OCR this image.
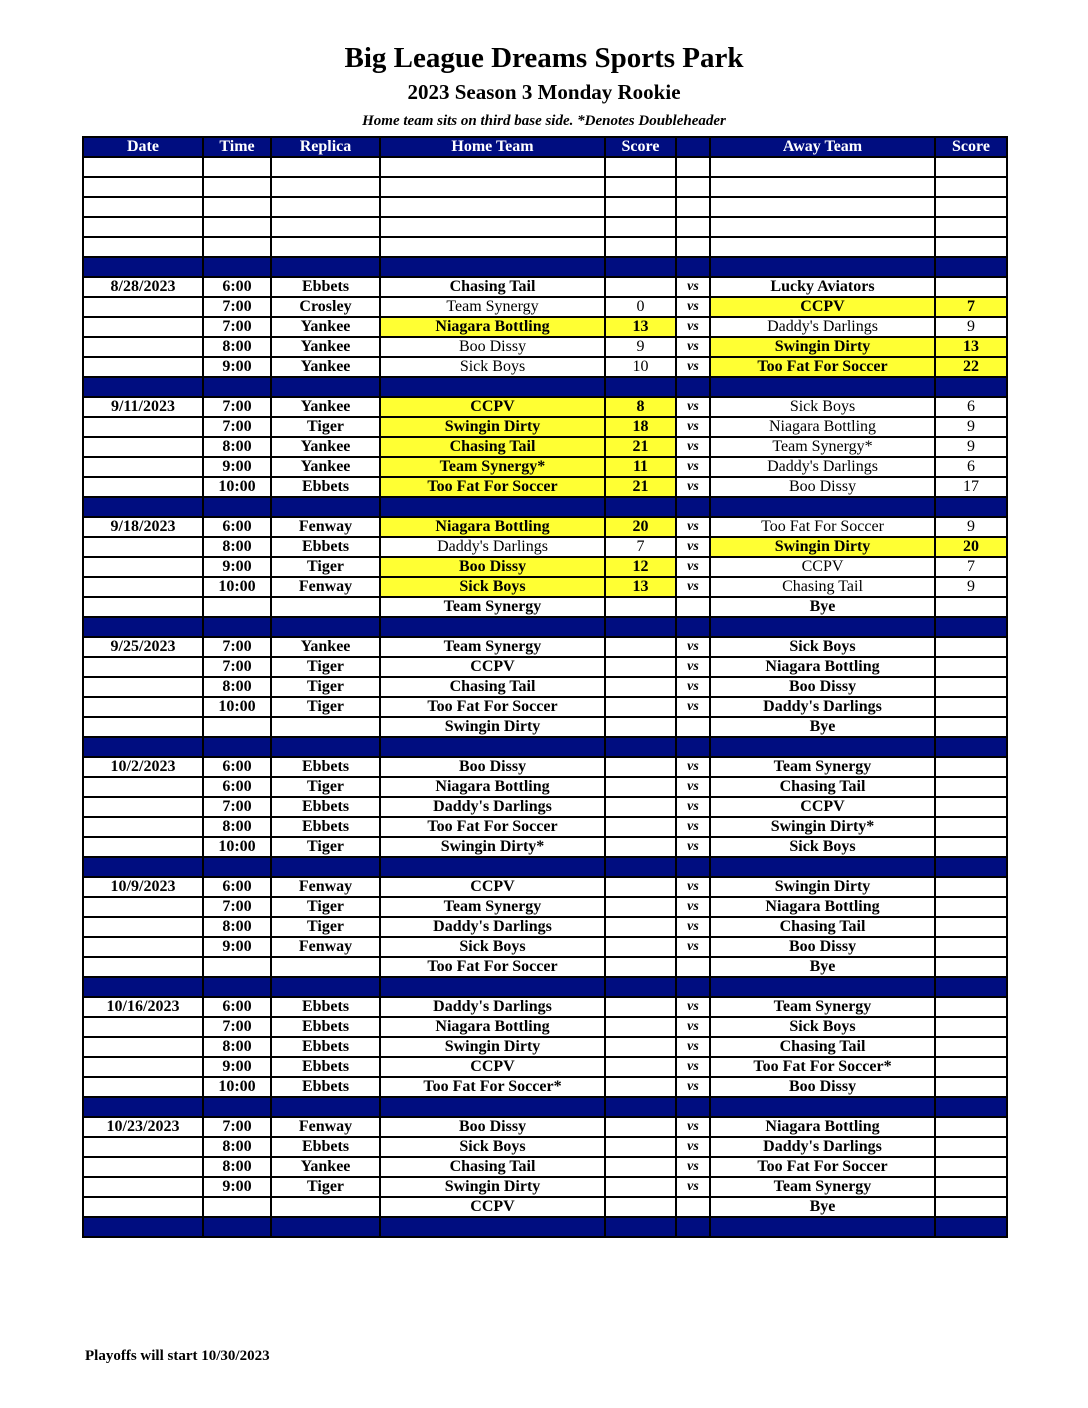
Big League Dreams Sports Park
2023 Season 3 Monday Rookie
Home team sits on third base side. *Denotes Doubleheader
Date	Time	Replica	Home Team	Score		Away Team	Score

8/28/2023	6:00	Ebbets	Chasing Tail		vs	Lucky Aviators	
	7:00	Crosley	Team Synergy	0	vs	CCPV	7
	7:00	Yankee	Niagara Bottling	13	vs	Daddy's Darlings	9
	8:00	Yankee	Boo Dissy	9	vs	Swingin Dirty	13
	9:00	Yankee	Sick Boys	10	vs	Too Fat For Soccer	22

9/11/2023	7:00	Yankee	CCPV	8	vs	Sick Boys	6
	7:00	Tiger	Swingin Dirty	18	vs	Niagara Bottling	9
	8:00	Yankee	Chasing Tail	21	vs	Team Synergy*	9
	9:00	Yankee	Team Synergy*	11	vs	Daddy's Darlings	6
	10:00	Ebbets	Too Fat For Soccer	21	vs	Boo Dissy	17

9/18/2023	6:00	Fenway	Niagara Bottling	20	vs	Too Fat For Soccer	9
	8:00	Ebbets	Daddy's Darlings	7	vs	Swingin Dirty	20
	9:00	Tiger	Boo Dissy	12	vs	CCPV	7
	10:00	Fenway	Sick Boys	13	vs	Chasing Tail	9
			Team Synergy			Bye	

9/25/2023	7:00	Yankee	Team Synergy		vs	Sick Boys	
	7:00	Tiger	CCPV		vs	Niagara Bottling	
	8:00	Tiger	Chasing Tail		vs	Boo Dissy	
	10:00	Tiger	Too Fat For Soccer		vs	Daddy's Darlings	
			Swingin Dirty			Bye	

10/2/2023	6:00	Ebbets	Boo Dissy		vs	Team Synergy	
	6:00	Tiger	Niagara Bottling		vs	Chasing Tail	
	7:00	Ebbets	Daddy's Darlings		vs	CCPV	
	8:00	Ebbets	Too Fat For Soccer		vs	Swingin Dirty*	
	10:00	Tiger	Swingin Dirty*		vs	Sick Boys	

10/9/2023	6:00	Fenway	CCPV		vs	Swingin Dirty	
	7:00	Tiger	Team Synergy		vs	Niagara Bottling	
	8:00	Tiger	Daddy's Darlings		vs	Chasing Tail	
	9:00	Fenway	Sick Boys		vs	Boo Dissy	
			Too Fat For Soccer			Bye	

10/16/2023	6:00	Ebbets	Daddy's Darlings		vs	Team Synergy	
	7:00	Ebbets	Niagara Bottling		vs	Sick Boys	
	8:00	Ebbets	Swingin Dirty		vs	Chasing Tail	
	9:00	Ebbets	CCPV		vs	Too Fat For Soccer*	
	10:00	Ebbets	Too Fat For Soccer*		vs	Boo Dissy	

10/23/2023	7:00	Fenway	Boo Dissy		vs	Niagara Bottling	
	8:00	Ebbets	Sick Boys		vs	Daddy's Darlings	
	8:00	Yankee	Chasing Tail		vs	Too Fat For Soccer	
	9:00	Tiger	Swingin Dirty		vs	Team Synergy	
			CCPV			Bye	

Playoffs will start 10/30/2023
